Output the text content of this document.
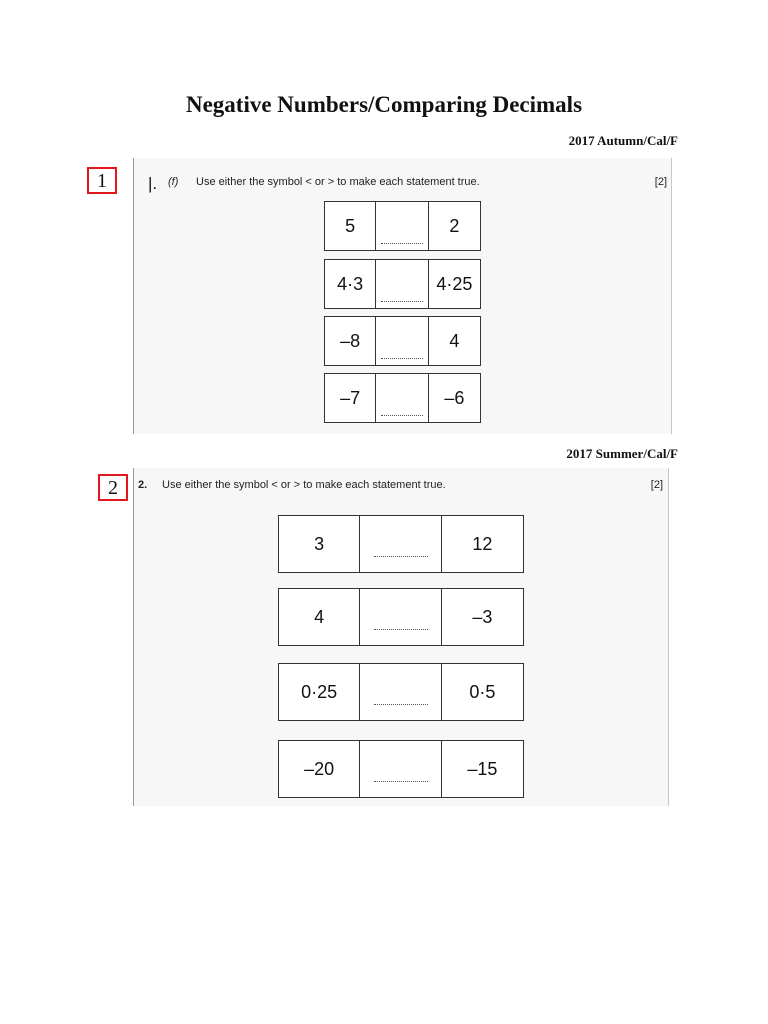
Negative Numbers/Comparing Decimals
2017 Autumn/Cal/F
1	|. (f) Use either the symbol < or > to make each statement true.	[2]
5	2
4·3	4·25
–8	4
–7	–6
2017 Summer/Cal/F
2	2. Use either the symbol < or > to make each statement true.	[2]
3	12
4	–3
0·25	0·5
–20	–15
